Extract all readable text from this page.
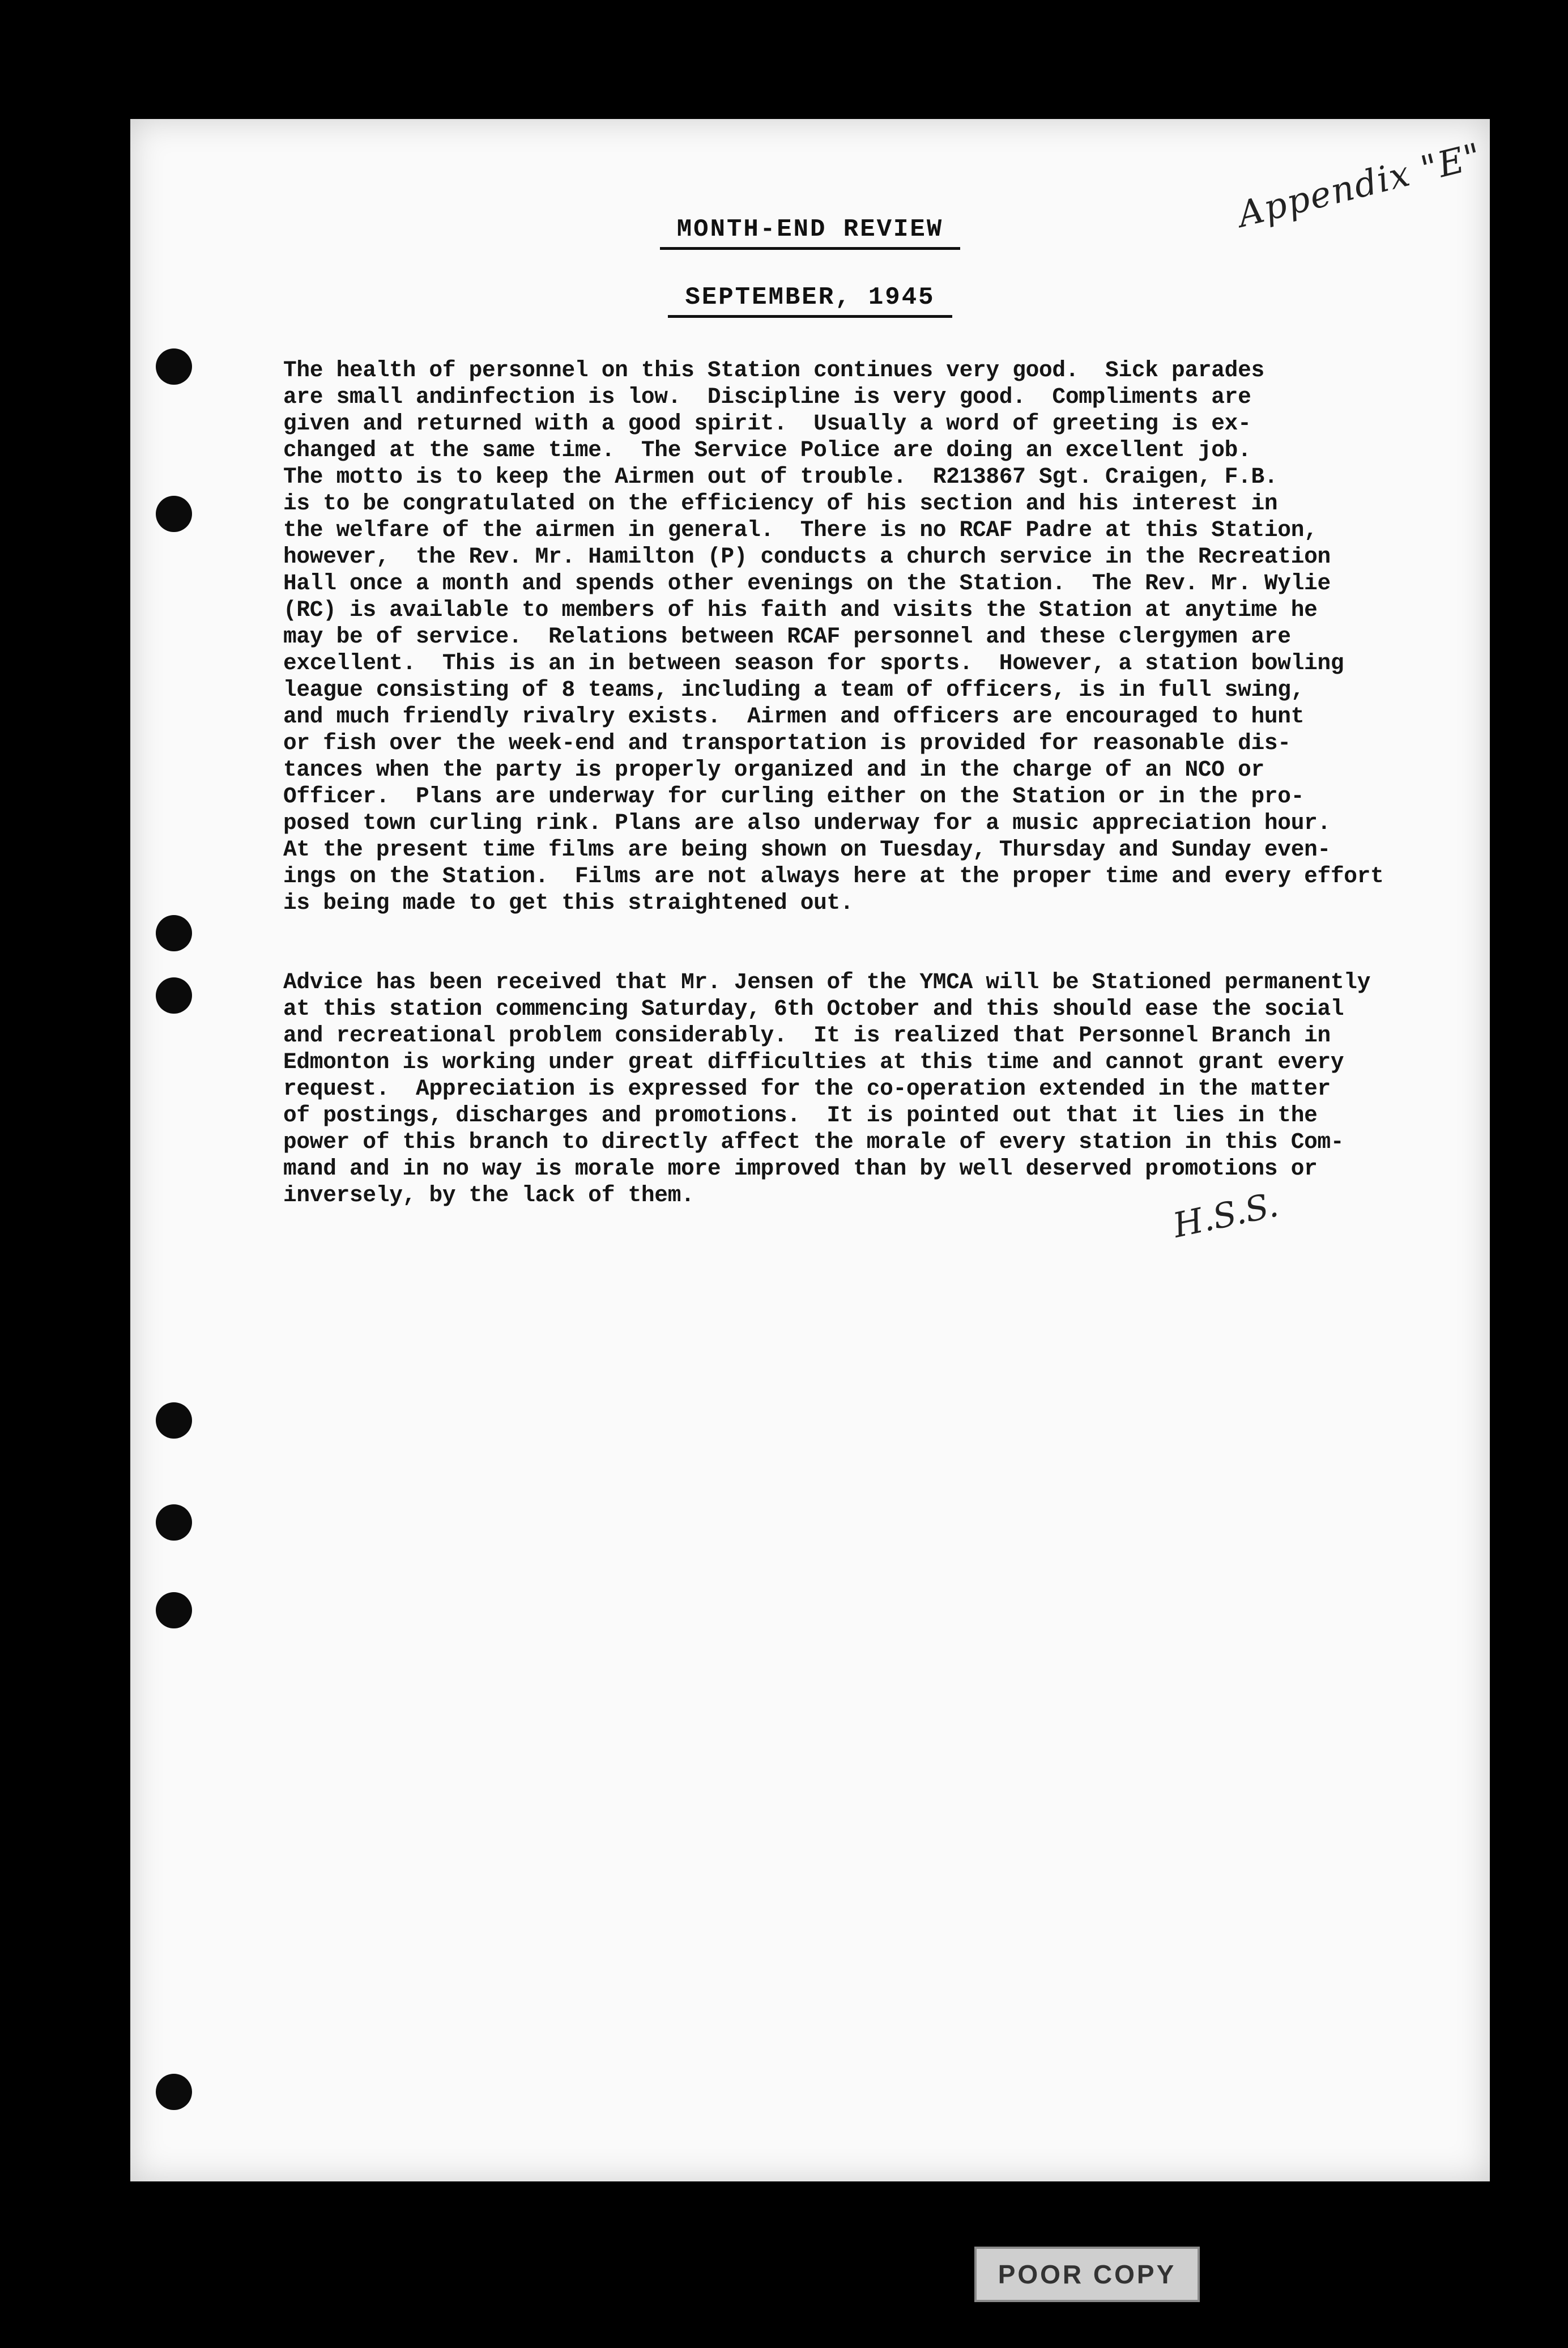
Appendix "E"
MONTH-END REVIEW
SEPTEMBER, 1945
The health of personnel on this Station continues very good.  Sick parades
are small andinfection is low.  Discipline is very good.  Compliments are
given and returned with a good spirit.  Usually a word of greeting is ex-
changed at the same time.  The Service Police are doing an excellent job.
The motto is to keep the Airmen out of trouble.  R213867 Sgt. Craigen, F.B.
is to be congratulated on the efficiency of his section and his interest in
the welfare of the airmen in general.  There is no RCAF Padre at this Station,
however,  the Rev. Mr. Hamilton (P) conducts a church service in the Recreation
Hall once a month and spends other evenings on the Station.  The Rev. Mr. Wylie
(RC) is available to members of his faith and visits the Station at anytime he
may be of service.  Relations between RCAF personnel and these clergymen are
excellent.  This is an in between season for sports.  However, a station bowling
league consisting of 8 teams, including a team of officers, is in full swing,
and much friendly rivalry exists.  Airmen and officers are encouraged to hunt
or fish over the week-end and transportation is provided for reasonable dis-
tances when the party is properly organized and in the charge of an NCO or
Officer.  Plans are underway for curling either on the Station or in the pro-
posed town curling rink. Plans are also underway for a music appreciation hour.
At the present time films are being shown on Tuesday, Thursday and Sunday even-
ings on the Station.  Films are not always here at the proper time and every effort
is being made to get this straightened out.
Advice has been received that Mr. Jensen of the YMCA will be Stationed permanently
at this station commencing Saturday, 6th October and this should ease the social
and recreational problem considerably.  It is realized that Personnel Branch in
Edmonton is working under great difficulties at this time and cannot grant every
request.  Appreciation is expressed for the co-operation extended in the matter
of postings, discharges and promotions.  It is pointed out that it lies in the
power of this branch to directly affect the morale of every station in this Com-
mand and in no way is morale more improved than by well deserved promotions or
inversely, by the lack of them.	H.S.S.
POOR COPY
